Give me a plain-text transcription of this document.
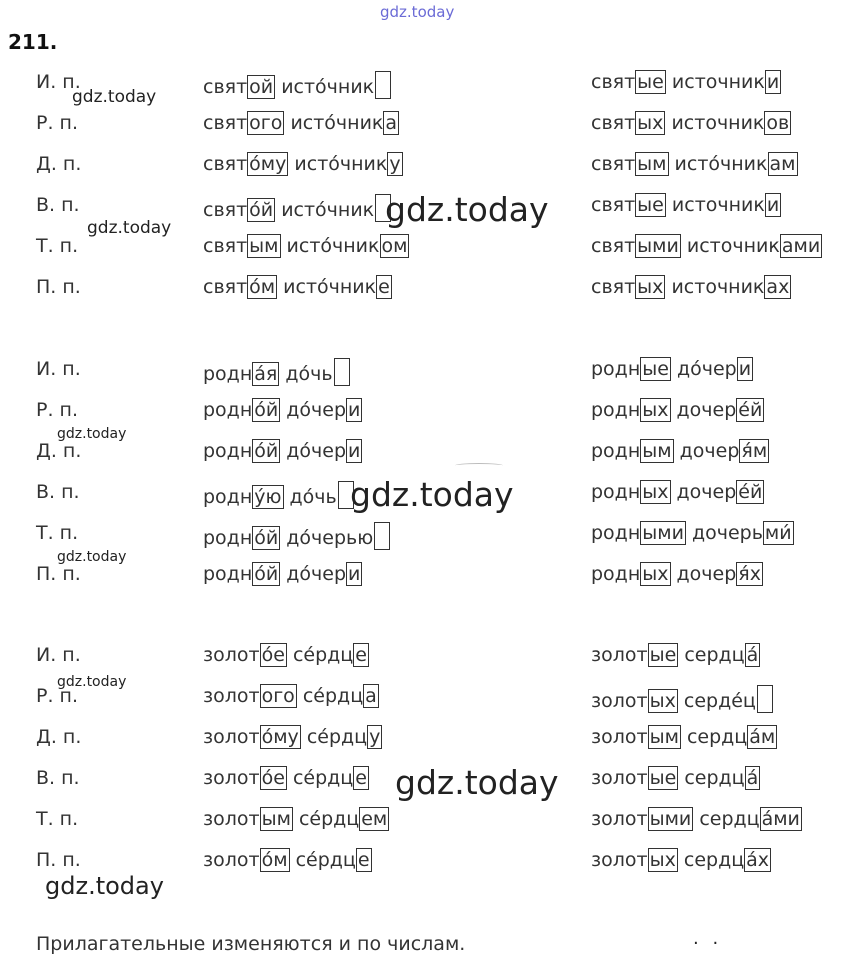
gdz.today
211.
И. п.	свят ой исто́чник	свят ые источник и
Р. п.	свят ого исто́чник а	свят ых источник ов
Д. п.	свят о́му исто́чник у	свят ым исто́чник ам
В. п.	свят о́й исто́чник	свят ые источник и
Т. п.	свят ым исто́чник ом	свят ыми источник ами
П. п.	свят о́м исто́чник е	свят ых источник ах
И. п.	родн а́я до́чь	родн ые до́чер и
Р. п.	родн о́й до́чер и	родн ых дочер е́й
Д. п.	родн о́й до́чер и	родн ым дочер я́м
В. п.	родн у́ю до́чь	родн ых дочер е́й
Т. п.	родн о́й до́черью	родн ыми дочерь ми́
П. п.	родн о́й до́чер и	родн ых дочер я́х
И. п.	золот о́е се́рдц е	золот ые сердц а́
Р. п.	золот ого се́рдц а	золот ых серде́ц
Д. п.	золот о́му се́рдц у	золот ым сердц а́м
В. п.	золот о́е се́рдц е	золот ые сердц а́
Т. п.	золот ым се́рдц ем	золот ыми сердц а́ми
П. п.	золот о́м се́рдц е	золот ых сердц а́х
Прилагательные изменяются и по числам.	. .
gdz.today
gdz.today	gdz.today
gdz.today
gdz.today
gdz.today
gdz.today
gdz.today
gdz.today
